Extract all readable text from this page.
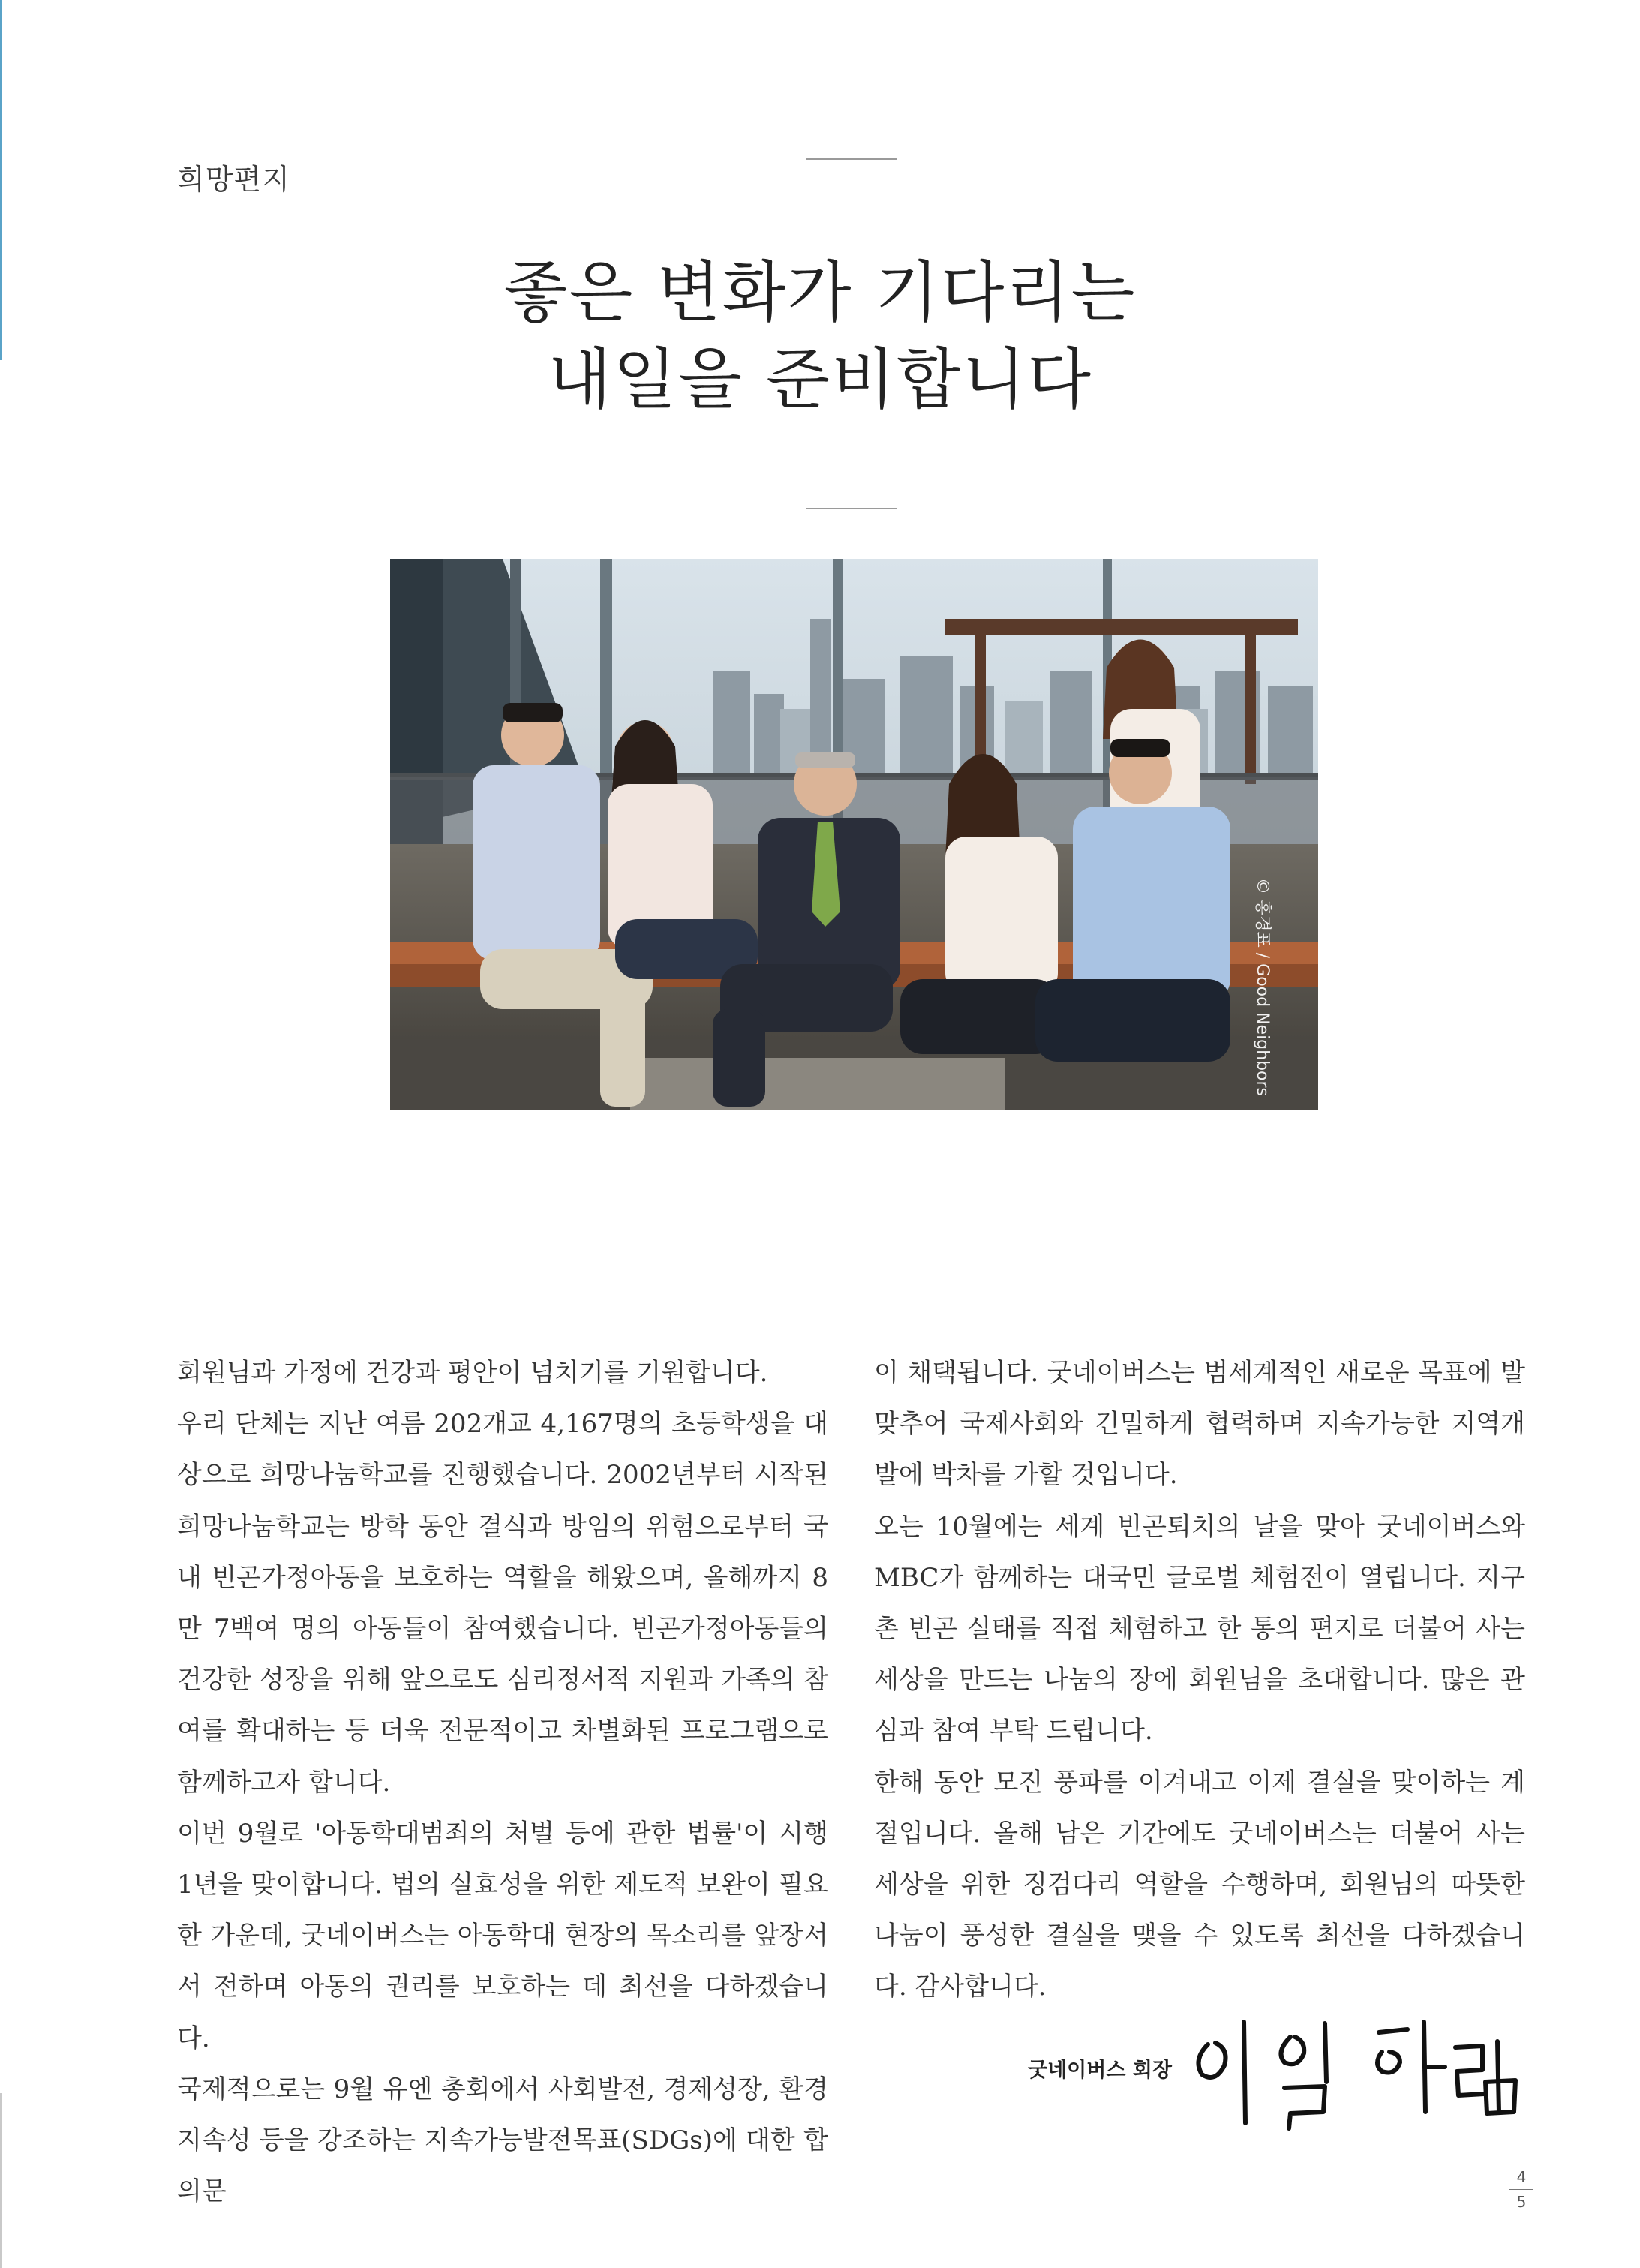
희망편지
좋은 변화가 기다리는
내일을 준비합니다
© 홍경표 / Good Neighbors

회원님과 가정에 건강과 평안이 넘치기를 기원합니다.

우리 단체는 지난 여름 202개교 4,167명의 초등학생을 대상으로 희망나눔학교를 진행했습니다. 2002년부터 시작된 희망나눔학교는 방학 동안 결식과 방임의 위험으로부터 국내 빈곤가정아동을 보호하는 역할을 해왔으며, 올해까지 8만 7백여 명의 아동들이 참여했습니다. 빈곤가정아동들의 건강한 성장을 위해 앞으로도 심리정서적 지원과 가족의 참여를 확대하는 등 더욱 전문적이고 차별화된 프로그램으로 함께하고자 합니다.

이번 9월로 '아동학대범죄의 처벌 등에 관한 법률'이 시행 1년을 맞이합니다. 법의 실효성을 위한 제도적 보완이 필요한 가운데, 굿네이버스는 아동학대 현장의 목소리를 앞장서서 전하며 아동의 권리를 보호하는 데 최선을 다하겠습니다.

국제적으로는 9월 유엔 총회에서 사회발전, 경제성장, 환경지속성 등을 강조하는 지속가능발전목표(SDGs)에 대한 합의문

이 채택됩니다. 굿네이버스는 범세계적인 새로운 목표에 발맞추어 국제사회와 긴밀하게 협력하며 지속가능한 지역개발에 박차를 가할 것입니다.

오는 10월에는 세계 빈곤퇴치의 날을 맞아 굿네이버스와 MBC가 함께하는 대국민 글로벌 체험전이 열립니다. 지구촌 빈곤 실태를 직접 체험하고 한 통의 편지로 더불어 사는 세상을 만드는 나눔의 장에 회원님을 초대합니다. 많은 관심과 참여 부탁 드립니다.

한해 동안 모진 풍파를 이겨내고 이제 결실을 맞이하는 계절입니다. 올해 남은 기간에도 굿네이버스는 더불어 사는 세상을 위한 징검다리 역할을 수행하며, 회원님의 따뜻한 나눔이 풍성한 결실을 맺을 수 있도록 최선을 다하겠습니다. 감사합니다.

굿네이버스 회장
4
5
